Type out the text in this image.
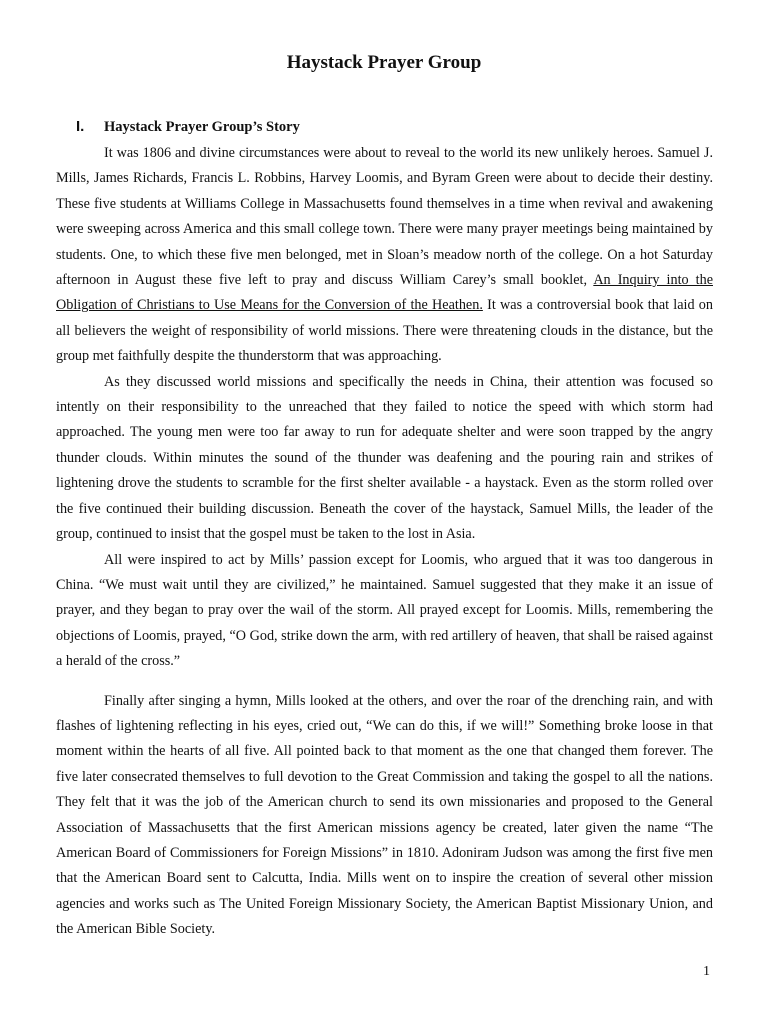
Haystack Prayer Group
I. Haystack Prayer Group’s Story

It was 1806 and divine circumstances were about to reveal to the world its new unlikely heroes. Samuel J. Mills, James Richards, Francis L. Robbins, Harvey Loomis, and Byram Green were about to decide their destiny. These five students at Williams College in Massachusetts found themselves in a time when revival and awakening were sweeping across America and this small college town. There were many prayer meetings being maintained by students. One, to which these five men belonged, met in Sloan’s meadow north of the college. On a hot Saturday afternoon in August these five left to pray and discuss William Carey’s small booklet, An Inquiry into the Obligation of Christians to Use Means for the Conversion of the Heathen. It was a controversial book that laid on all believers the weight of responsibility of world missions. There were threatening clouds in the distance, but the group met faithfully despite the thunderstorm that was approaching.

As they discussed world missions and specifically the needs in China, their attention was focused so intently on their responsibility to the unreached that they failed to notice the speed with which storm had approached. The young men were too far away to run for adequate shelter and were soon trapped by the angry thunder clouds. Within minutes the sound of the thunder was deafening and the pouring rain and strikes of lightening drove the students to scramble for the first shelter available - a haystack. Even as the storm rolled over the five continued their building discussion. Beneath the cover of the haystack, Samuel Mills, the leader of the group, continued to insist that the gospel must be taken to the lost in Asia.

All were inspired to act by Mills’ passion except for Loomis, who argued that it was too dangerous in China. “We must wait until they are civilized,” he maintained. Samuel suggested that they make it an issue of prayer, and they began to pray over the wail of the storm. All prayed except for Loomis. Mills, remembering the objections of Loomis, prayed, “O God, strike down the arm, with red artillery of heaven, that shall be raised against a herald of the cross.”

Finally after singing a hymn, Mills looked at the others, and over the roar of the drenching rain, and with flashes of lightening reflecting in his eyes, cried out, “We can do this, if we will!” Something broke loose in that moment within the hearts of all five. All pointed back to that moment as the one that changed them forever. The five later consecrated themselves to full devotion to the Great Commission and taking the gospel to all the nations. They felt that it was the job of the American church to send its own missionaries and proposed to the General Association of Massachusetts that the first American missions agency be created, later given the name “The American Board of Commissioners for Foreign Missions” in 1810. Adoniram Judson was among the first five men that the American Board sent to Calcutta, India. Mills went on to inspire the creation of several other mission agencies and works such as The United Foreign Missionary Society, the American Baptist Missionary Union, and the American Bible Society.

1
